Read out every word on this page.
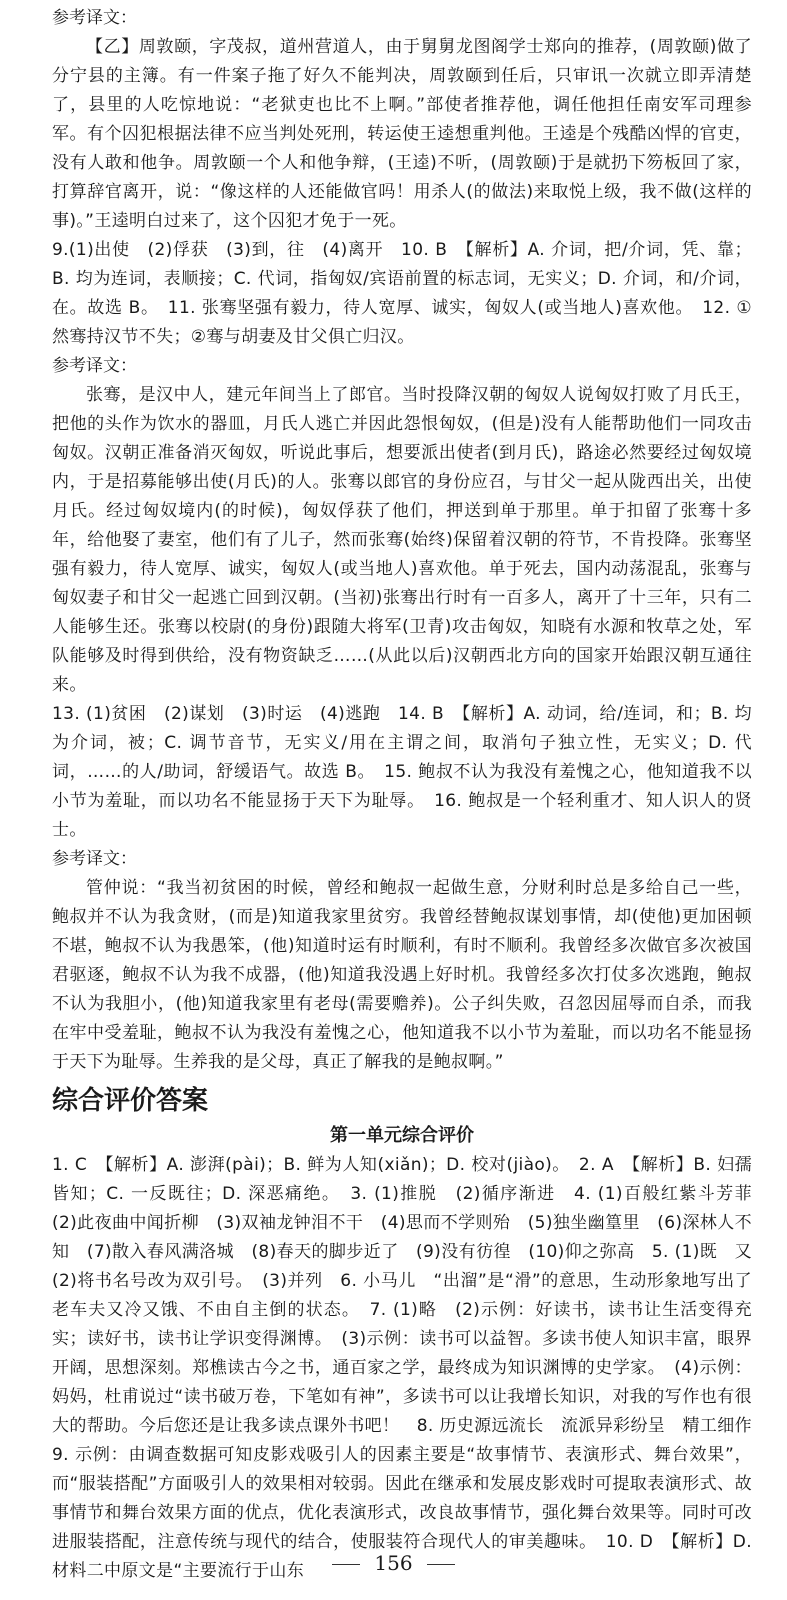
参考译文：

【乙】周敦颐，字茂叔，道州营道人，由于舅舅龙图阁学士郑向的推荐，(周敦颐)做了分宁县的主簿。有一件案子拖了好久不能判决，周敦颐到任后，只审讯一次就立即弄清楚了，县里的人吃惊地说：“老狱吏也比不上啊。”部使者推荐他，调任他担任南安军司理参军。有个囚犯根据法律不应当判处死刑，转运使王逵想重判他。王逵是个残酷凶悍的官吏，没有人敢和他争。周敦颐一个人和他争辩，(王逵)不听，(周敦颐)于是就扔下笏板回了家，打算辞官离开，说：“像这样的人还能做官吗！用杀人(的做法)来取悦上级，我不做(这样的事)。”王逵明白过来了，这个囚犯才免于一死。

9.(1)出使　(2)俘获　(3)到，往　(4)离开　10. B　【解析】A. 介词，把/介词，凭、靠；B. 均为连词，表顺接；C. 代词，指匈奴/宾语前置的标志词，无实义；D. 介词，和/介词，在。故选 B。　11. 张骞坚强有毅力，待人宽厚、诚实，匈奴人(或当地人)喜欢他。　12. ①然骞持汉节不失；②骞与胡妻及甘父俱亡归汉。

参考译文：

张骞，是汉中人，建元年间当上了郎官。当时投降汉朝的匈奴人说匈奴打败了月氏王，把他的头作为饮水的器皿，月氏人逃亡并因此怨恨匈奴，(但是)没有人能帮助他们一同攻击匈奴。汉朝正准备消灭匈奴，听说此事后，想要派出使者(到月氏)，路途必然要经过匈奴境内，于是招募能够出使(月氏)的人。张骞以郎官的身份应召，与甘父一起从陇西出关，出使月氏。经过匈奴境内(的时候)，匈奴俘获了他们，押送到单于那里。单于扣留了张骞十多年，给他娶了妻室，他们有了儿子，然而张骞(始终)保留着汉朝的符节，不肯投降。张骞坚强有毅力，待人宽厚、诚实，匈奴人(或当地人)喜欢他。单于死去，国内动荡混乱，张骞与匈奴妻子和甘父一起逃亡回到汉朝。(当初)张骞出行时有一百多人，离开了十三年，只有二人能够生还。张骞以校尉(的身份)跟随大将军(卫青)攻击匈奴，知晓有水源和牧草之处，军队能够及时得到供给，没有物资缺乏……(从此以后)汉朝西北方向的国家开始跟汉朝互通往来。

13. (1)贫困　(2)谋划　(3)时运　(4)逃跑　14. B　【解析】A. 动词，给/连词，和；B. 均为介词，被；C. 调节音节，无实义/用在主谓之间，取消句子独立性，无实义；D. 代词，……的人/助词，舒缓语气。故选 B。　15. 鲍叔不认为我没有羞愧之心，他知道我不以小节为羞耻，而以功名不能显扬于天下为耻辱。　16. 鲍叔是一个轻利重才、知人识人的贤士。

参考译文：

管仲说：“我当初贫困的时候，曾经和鲍叔一起做生意，分财利时总是多给自己一些，鲍叔并不认为我贪财，(而是)知道我家里贫穷。我曾经替鲍叔谋划事情，却(使他)更加困顿不堪，鲍叔不认为我愚笨，(他)知道时运有时顺利，有时不顺利。我曾经多次做官多次被国君驱逐，鲍叔不认为我不成器，(他)知道我没遇上好时机。我曾经多次打仗多次逃跑，鲍叔不认为我胆小，(他)知道我家里有老母(需要赡养)。公子纠失败，召忽因屈辱而自杀，而我在牢中受羞耻，鲍叔不认为我没有羞愧之心，他知道我不以小节为羞耻，而以功名不能显扬于天下为耻辱。生养我的是父母，真正了解我的是鲍叔啊。”

综合评价答案
第一单元综合评价

1. C　【解析】A. 澎湃(pài)；B. 鲜为人知(xiǎn)；D. 校对(jiào)。　2. A　【解析】B. 妇孺皆知；C. 一反既往；D. 深恶痛绝。　3. (1)推脱　(2)循序渐进　4. (1)百般红紫斗芳菲　(2)此夜曲中闻折柳　(3)双袖龙钟泪不干　(4)思而不学则殆　(5)独坐幽篁里　(6)深林人不知　(7)散入春风满洛城　(8)春天的脚步近了　(9)没有彷徨　(10)仰之弥高　5. (1)既　又　(2)将书名号改为双引号。　(3)并列　6. 小马儿　“出溜”是“滑”的意思，生动形象地写出了老车夫又冷又饿、不由自主倒的状态。　7. (1)略　(2)示例：好读书，读书让生活变得充实；读好书，读书让学识变得渊博。　(3)示例：读书可以益智。多读书使人知识丰富，眼界开阔，思想深刻。郑樵读古今之书，通百家之学，最终成为知识渊博的史学家。　(4)示例：妈妈，杜甫说过“读书破万卷，下笔如有神”，多读书可以让我增长知识，对我的写作也有很大的帮助。今后您还是让我多读点课外书吧！　8. 历史源远流长　流派异彩纷呈　精工细作　9. 示例：由调查数据可知皮影戏吸引人的因素主要是“故事情节、表演形式、舞台效果”，而“服装搭配”方面吸引人的效果相对较弱。因此在继承和发展皮影戏时可提取表演形式、故事情节和舞台效果方面的优点，优化表演形式，改良故事情节，强化舞台效果等。同时可改进服装搭配，注意传统与现代的结合，使服装符合现代人的审美趣味。　10. D　【解析】D. 材料二中原文是“主要流行于山东	156
